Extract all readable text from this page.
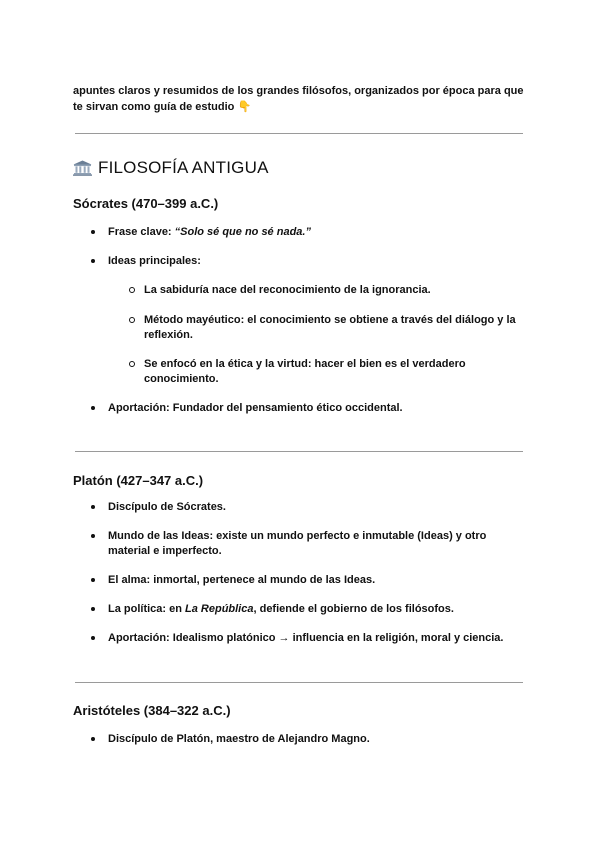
apuntes claros y resumidos de los grandes filósofos, organizados por época para que te sirvan como guía de estudio 👇
FILOSOFÍA ANTIGUA
Sócrates (470–399 a.C.)
Frase clave: “Solo sé que no sé nada.”
Ideas principales:
La sabiduría nace del reconocimiento de la ignorancia.
Método mayéutico: el conocimiento se obtiene a través del diálogo y la reflexión.
Se enfocó en la ética y la virtud: hacer el bien es el verdadero conocimiento.
Aportación: Fundador del pensamiento ético occidental.
Platón (427–347 a.C.)
Discípulo de Sócrates.
Mundo de las Ideas: existe un mundo perfecto e inmutable (Ideas) y otro material e imperfecto.
El alma: inmortal, pertenece al mundo de las Ideas.
La política: en La República, defiende el gobierno de los filósofos.
Aportación: Idealismo platónico → influencia en la religión, moral y ciencia.
Aristóteles (384–322 a.C.)
Discípulo de Platón, maestro de Alejandro Magno.
